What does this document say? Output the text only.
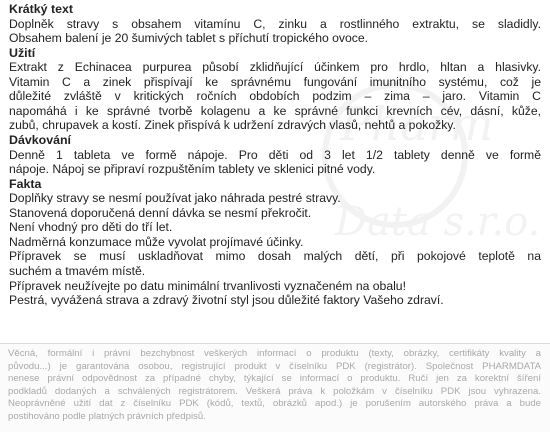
Pharm
Data s.r.o.
Krátký text
Doplněk stravy s obsahem vitamínu C, zinku a rostlinného extraktu, se sladidly.
Obsahem balení je 20 šumivých tablet s příchutí tropického ovoce.
Užití
Extrakt z Echinacea purpurea působí zklidňující účinkem pro hrdlo, hltan a hlasivky.
Vitamin C a zinek přispívají ke správnému fungování imunitního systému, což je
důležité zvláště v kritických ročních obdobích podzim – zima – jaro. Vitamin C
napomáhá i ke správné tvorbě kolagenu a ke správné funkci krevních cév, dásní, kůže,
zubů, chrupavek a kostí. Zinek přispívá k udržení zdravých vlasů, nehtů a pokožky.
Dávkování
Denně 1 tableta ve formě nápoje. Pro děti od 3 let 1/2 tablety denně ve formě
nápoje. Nápoj se připraví rozpuštěním tablety ve sklenici pitné vody.
Fakta
Doplňky stravy se nesmí používat jako náhrada pestré stravy.
Stanovená doporučená denní dávka se nesmí překročit.
Není vhodný pro děti do tří let.
Nadměrná konzumace může vyvolat projímavé účinky.
Přípravek se musí uskladňovat mimo dosah malých dětí, při pokojové teplotě na
suchém a tmavém místě.
Přípravek neužívejte po datu minimální trvanlivosti vyznačeném na obalu!
Pestrá, vyvážená strava a zdravý životní styl jsou důležité faktory Vašeho zdraví.
Věcná, formální i právní bezchybnost veškerých informací o produktu (texty, obrázky, certifikáty kvality a
původu...) je garantována osobou, registrující produkt v číselníku PDK (registrátor). Společnost PHARMDATA
nenese právní odpovědnost za případné chyby, týkající se informací o produktu. Ručí jen za korektní šíření
podkladů dodaných a schválených registrátorem. Veškerá práva k položkám v číselníku PDK jsou vyhrazena.
Neoprávněné užití dat z číselníku PDK (kódů, textů, obrázků apod.) je porušením autorského práva a bude
postihováno podle platných právních předpisů.
